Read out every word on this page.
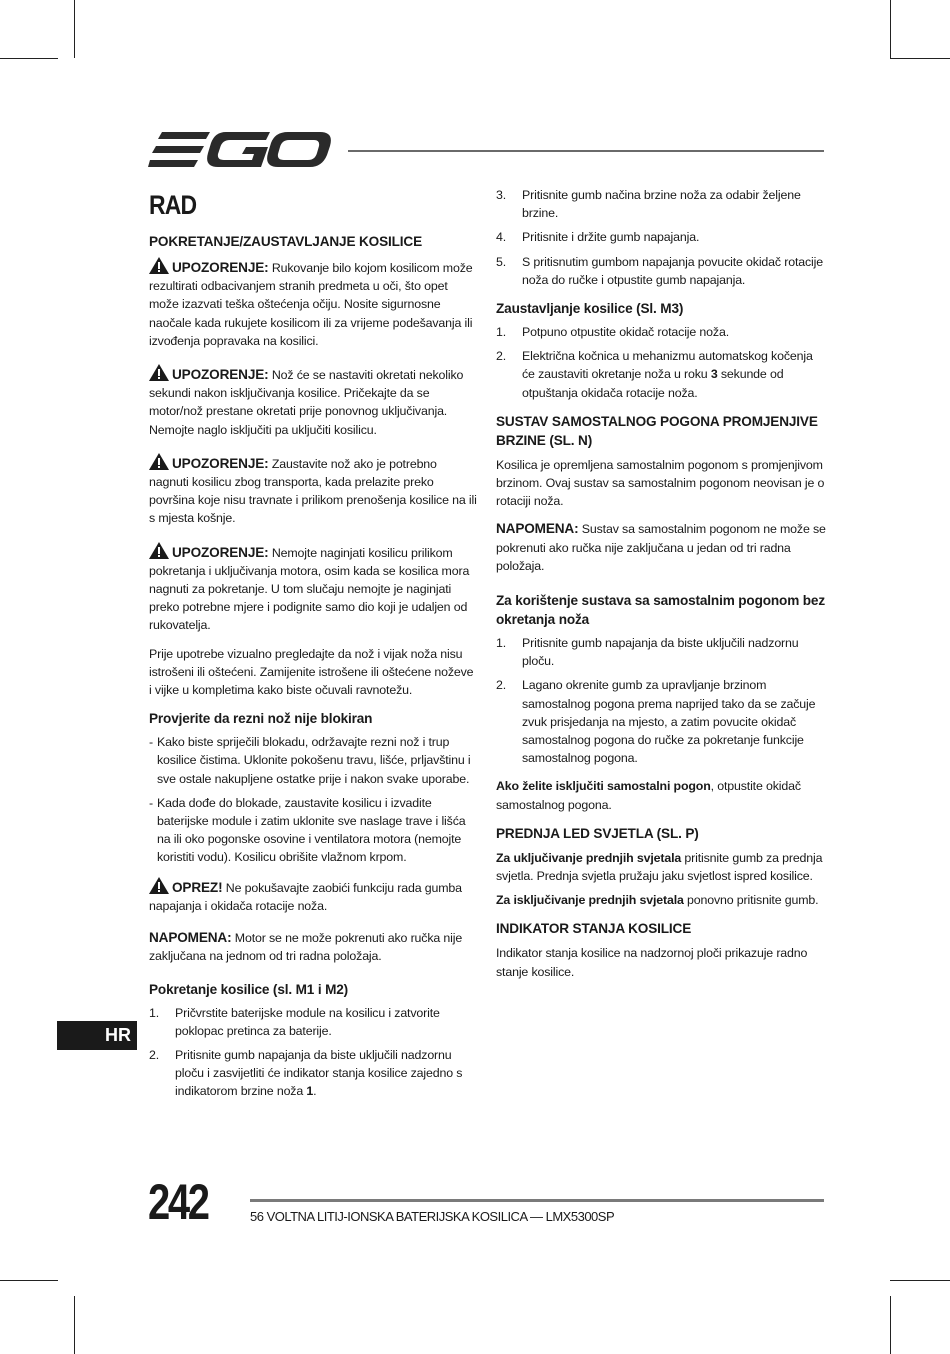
RAD
POKRETANJE/ZAUSTAVLJANJE KOSILICE
UPOZORENJE: Rukovanje bilo kojom kosilicom može rezultirati odbacivanjem stranih predmeta u oči, što opet može izazvati teška oštećenja očiju. Nosite sigurnosne naočale kada rukujete kosilicom ili za vrijeme podešavanja ili izvođenja popravaka na kosilici.
UPOZORENJE: Nož će se nastaviti okretati nekoliko sekundi nakon isključivanja kosilice. Pričekajte da se motor/nož prestane okretati prije ponovnog uključivanja. Nemojte naglo isključiti pa uključiti kosilicu.
UPOZORENJE: Zaustavite nož ako je potrebno nagnuti kosilicu zbog transporta, kada prelazite preko površina koje nisu travnate i prilikom prenošenja kosilice na ili s mjesta košnje.
UPOZORENJE: Nemojte naginjati kosilicu prilikom pokretanja i uključivanja motora, osim kada se kosilica mora nagnuti za pokretanje. U tom slučaju nemojte je naginjati preko potrebne mjere i podignite samo dio koji je udaljen od rukovatelja.
Prije upotrebe vizualno pregledajte da nož i vijak noža nisu istrošeni ili oštećeni. Zamijenite istrošene ili oštećene noževe i vijke u kompletima kako biste očuvali ravnotežu.
Provjerite da rezni nož nije blokiran
- Kako biste spriječili blokadu, održavajte rezni nož i trup kosilice čistima. Uklonite pokošenu travu, lišće, prljavštinu i sve ostale nakupljene ostatke prije i nakon svake uporabe.
- Kada dođe do blokade, zaustavite kosilicu i izvadite baterijske module i zatim uklonite sve naslage trave i lišća na ili oko pogonske osovine i ventilatora motora (nemojte koristiti vodu). Kosilicu obrišite vlažnom krpom.
OPREZ! Ne pokušavajte zaobići funkciju rada gumba napajanja i okidača rotacije noža.
NAPOMENA: Motor se ne može pokrenuti ako ručka nije zaključana na jednom od tri radna položaja.
Pokretanje kosilice (sl. M1 i M2)
1. Pričvrstite baterijske module na kosilicu i zatvorite poklopac pretinca za baterije.
2. Pritisnite gumb napajanja da biste uključili nadzornu ploču i zasvijetliti će indikator stanja kosilice zajedno s indikatorom brzine noža 1.
3. Pritisnite gumb načina brzine noža za odabir željene brzine.
4. Pritisnite i držite gumb napajanja.
5. S pritisnutim gumbom napajanja povucite okidač rotacije noža do ručke i otpustite gumb napajanja.
Zaustavljanje kosilice (Sl. M3)
1. Potpuno otpustite okidač rotacije noža.
2. Električna kočnica u mehanizmu automatskog kočenja će zaustaviti okretanje noža u roku 3 sekunde od otpuštanja okidača rotacije noža.
SUSTAV SAMOSTALNOG POGONA PROMJENJIVE BRZINE (SL. N)
Kosilica je opremljena samostalnim pogonom s promjenjivom brzinom. Ovaj sustav sa samostalnim pogonom neovisan je o rotaciji noža.
NAPOMENA: Sustav sa samostalnim pogonom ne može se pokrenuti ako ručka nije zaključana u jedan od tri radna položaja.
Za korištenje sustava sa samostalnim pogonom bez okretanja noža
1. Pritisnite gumb napajanja da biste uključili nadzornu ploču.
2. Lagano okrenite gumb za upravljanje brzinom samostalnog pogona prema naprijed tako da se začuje zvuk prisjedanja na mjesto, a zatim povucite okidač samostalnog pogona do ručke za pokretanje funkcije samostalnog pogona.
Ako želite isključiti samostalni pogon, otpustite okidač samostalnog pogona.
PREDNJA LED SVJETLA (SL. P)
Za uključivanje prednjih svjetala pritisnite gumb za prednja svjetla. Prednja svjetla pružaju jaku svjetlost ispred kosilice.
Za isključivanje prednjih svjetala ponovno pritisnite gumb.
INDIKATOR STANJA KOSILICE
Indikator stanja kosilice na nadzornoj ploči prikazuje radno stanje kosilice.
HR
242	56 VOLTNA LITIJ-IONSKA BATERIJSKA KOSILICA — LMX5300SP
